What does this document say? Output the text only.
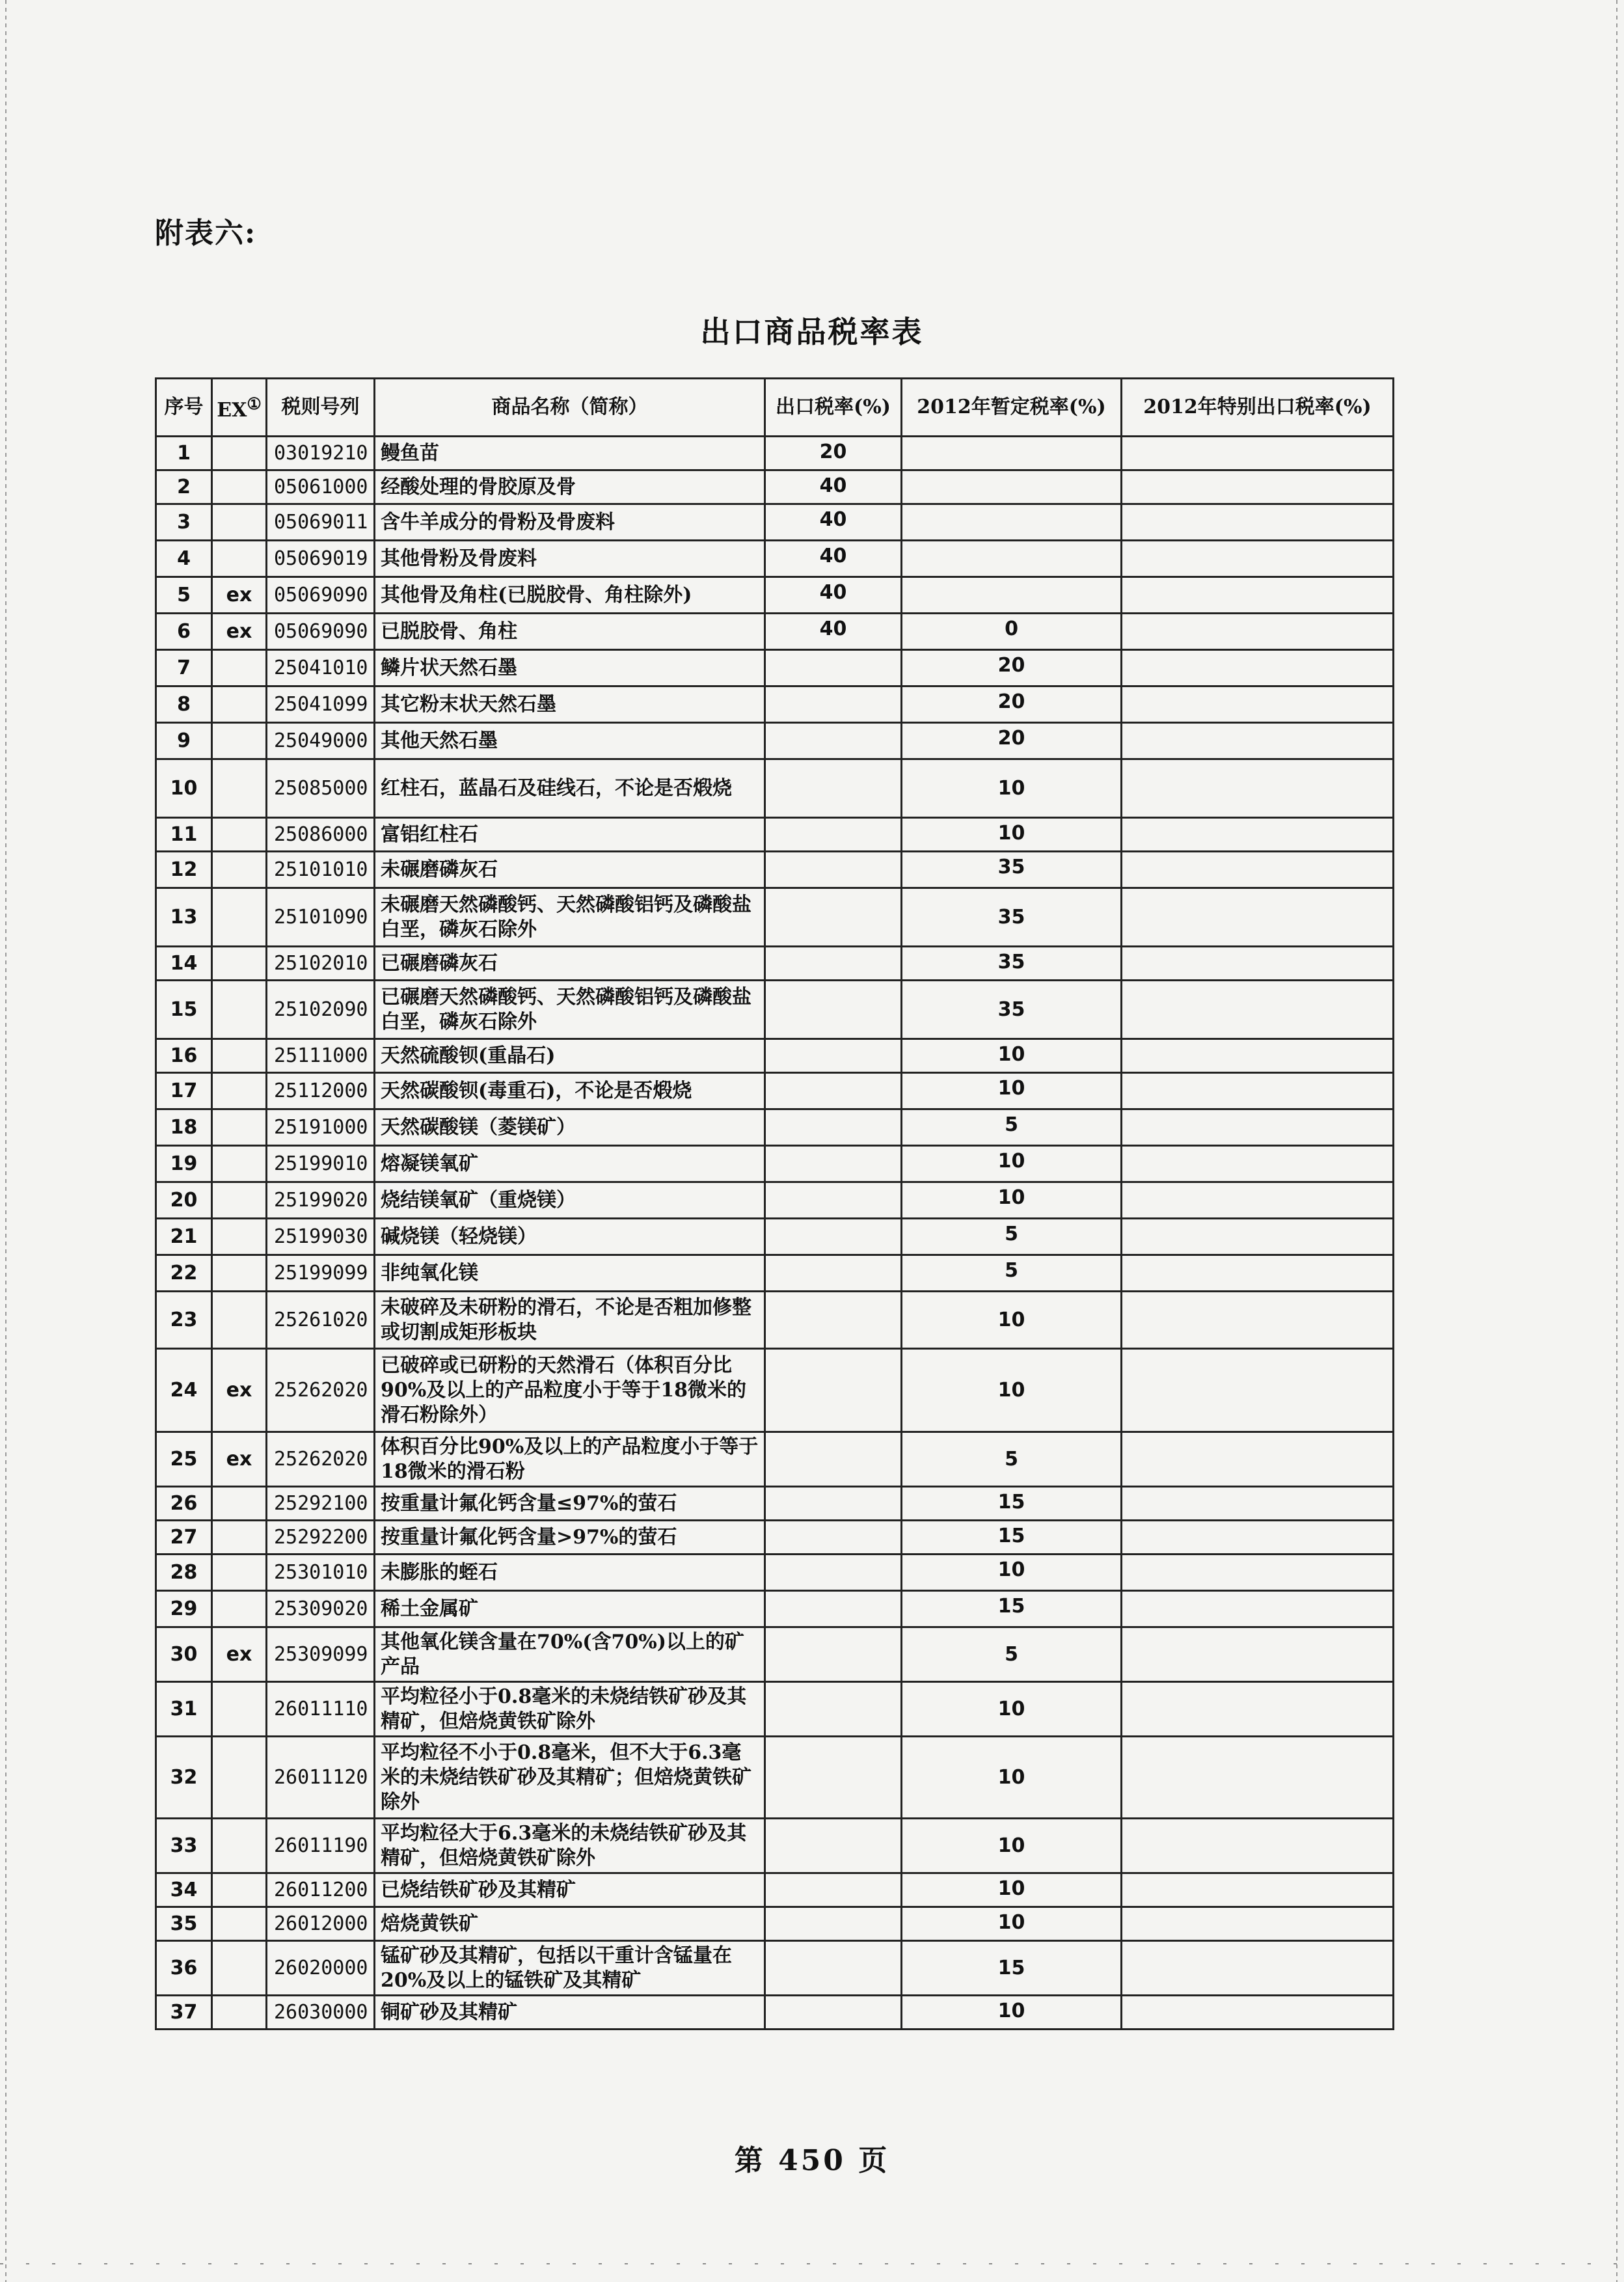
附表六:
出口商品税率表
序号	EX①	税则号列	商品名称（简称）	出口税率(%)	2012年暂定税率(%)	2012年特别出口税率(%)
1		03019210	鳗鱼苗	20		
2		05061000	经酸处理的骨胶原及骨	40		
3		05069011	含牛羊成分的骨粉及骨废料	40		
4		05069019	其他骨粉及骨废料	40		
5	ex	05069090	其他骨及角柱(已脱胶骨、角柱除外)	40		
6	ex	05069090	已脱胶骨、角柱	40	0	
7		25041010	鳞片状天然石墨		20	
8		25041099	其它粉末状天然石墨		20	
9		25049000	其他天然石墨		20	
10		25085000	红柱石，蓝晶石及硅线石，不论是否煅烧		10	
11		25086000	富铝红柱石		10	
12		25101010	未碾磨磷灰石		35	
13		25101090	未碾磨天然磷酸钙、天然磷酸铝钙及磷酸盐白垩，磷灰石除外		35	
14		25102010	已碾磨磷灰石		35	
15		25102090	已碾磨天然磷酸钙、天然磷酸铝钙及磷酸盐白垩，磷灰石除外		35	
16		25111000	天然硫酸钡(重晶石)		10	
17		25112000	天然碳酸钡(毒重石)，不论是否煅烧		10	
18		25191000	天然碳酸镁（菱镁矿）		5	
19		25199010	熔凝镁氧矿		10	
20		25199020	烧结镁氧矿（重烧镁）		10	
21		25199030	碱烧镁（轻烧镁）		5	
22		25199099	非纯氧化镁		5	
23		25261020	未破碎及未研粉的滑石，不论是否粗加修整或切割成矩形板块		10	
24	ex	25262020	已破碎或已研粉的天然滑石（体积百分比90%及以上的产品粒度小于等于18微米的滑石粉除外）		10	
25	ex	25262020	体积百分比90%及以上的产品粒度小于等于18微米的滑石粉		5	
26		25292100	按重量计氟化钙含量≤97%的萤石		15	
27		25292200	按重量计氟化钙含量>97%的萤石		15	
28		25301010	未膨胀的蛭石		10	
29		25309020	稀土金属矿		15	
30	ex	25309099	其他氧化镁含量在70%(含70%)以上的矿产品		5	
31		26011110	平均粒径小于0.8毫米的未烧结铁矿砂及其精矿，但焙烧黄铁矿除外		10	
32		26011120	平均粒径不小于0.8毫米，但不大于6.3毫米的未烧结铁矿砂及其精矿；但焙烧黄铁矿除外		10	
33		26011190	平均粒径大于6.3毫米的未烧结铁矿砂及其精矿，但焙烧黄铁矿除外		10	
34		26011200	已烧结铁矿砂及其精矿		10	
35		26012000	焙烧黄铁矿		10	
36		26020000	锰矿砂及其精矿，包括以干重计含锰量在20%及以上的锰铁矿及其精矿		15	
37		26030000	铜矿砂及其精矿		10	
第 450 页
